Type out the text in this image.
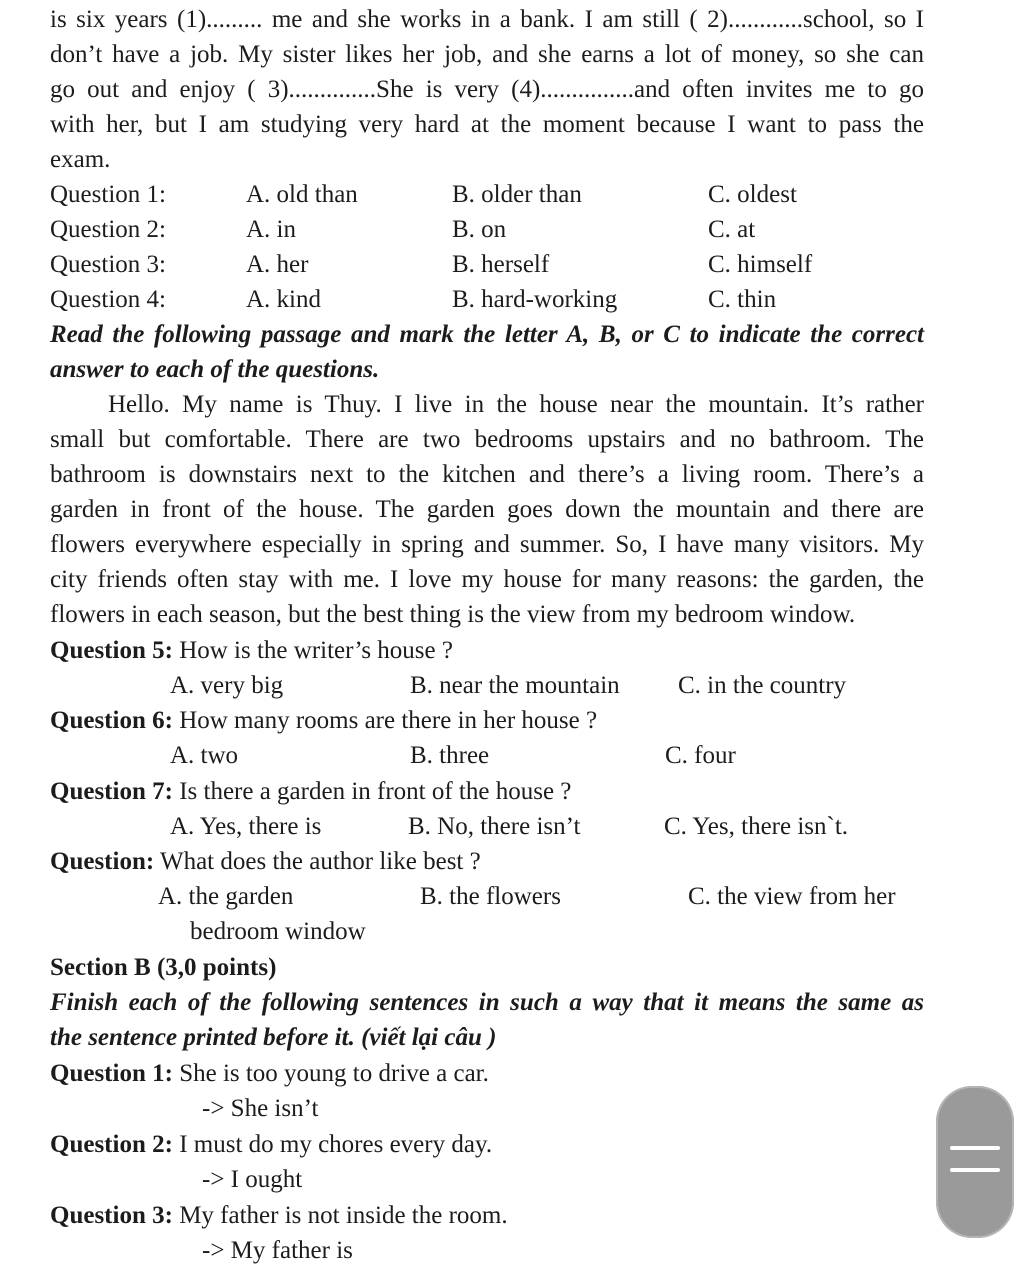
is six years (1)......... me and she works in a bank. I am still ( 2)............school, so I
don’t have a job. My sister likes her job, and she earns a lot of money, so she can
go out and enjoy ( 3)..............She is very (4)...............and often invites me to go
with her, but I am studying very hard at the moment because I want to pass the
exam.
Question 1:	A. old than	B. older than	C. oldest
Question 2:	A. in	B. on	C. at
Question 3:	A. her	B. herself	C. himself
Question 4:	A. kind	B. hard-working	C. thin
Read the following passage and mark the letter A, B, or C to indicate the correct
answer to each of the questions.
Hello. My name is Thuy. I live in the house near the mountain. It’s rather
small but comfortable. There are two bedrooms upstairs and no bathroom. The
bathroom is downstairs next to the kitchen and there’s a living room. There’s a
garden in front of the house. The garden goes down the mountain and there are
flowers everywhere especially in spring and summer. So, I have many visitors. My
city friends often stay with me. I love my house for many reasons: the garden, the
flowers in each season, but the best thing is the view from my bedroom window.
Question 5: How is the writer’s house ?
A. very big	B. near the mountain C. in the country
Question 6: How many rooms are there in her house ?
A. two	B. three	C. four
Question 7: Is there a garden in front of the house ?
A. Yes, there is	B. No, there isn’t	C. Yes, there isn`t.
Question: What does the author like best ?
A. the garden	B. the flowers	C. the view from her
bedroom window
Section B (3,0 points)
Finish each of the following sentences in such a way that it means the same as
the sentence printed before it. (viết lại câu )
Question 1: She is too young to drive a car.
-> She isn’t
Question 2: I must do my chores every day.
-> I ought
Question 3: My father is not inside the room.
-> My father is
